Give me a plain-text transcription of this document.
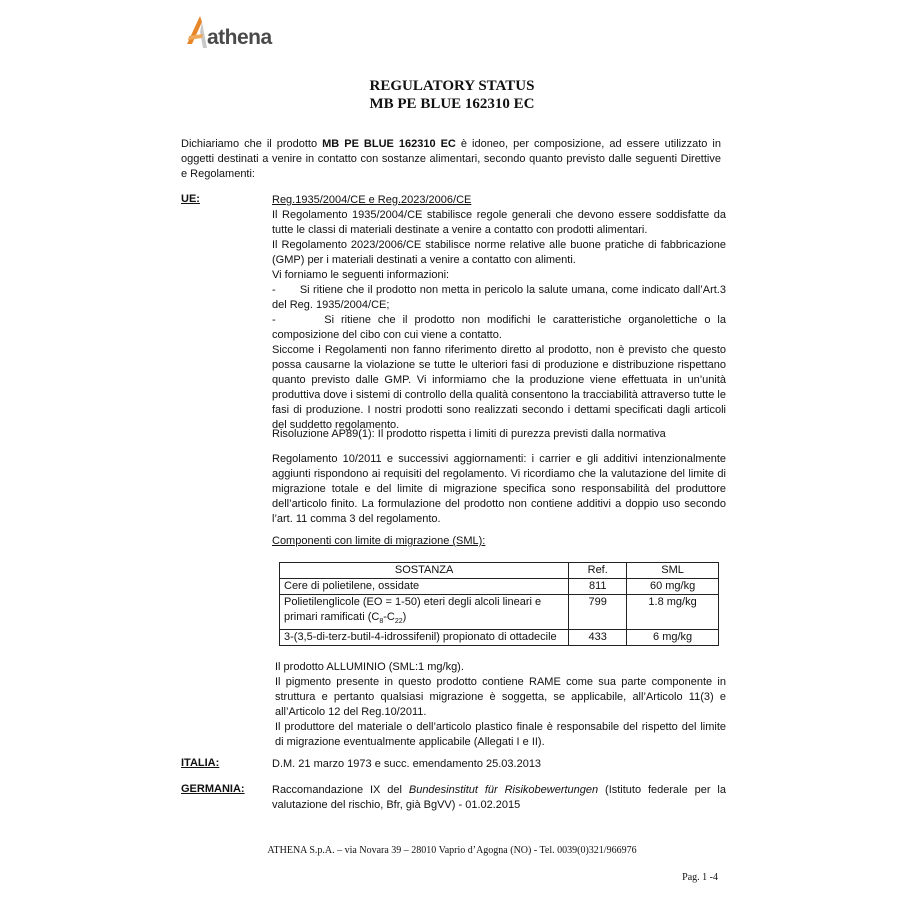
athena
REGULATORY STATUS
MB PE BLUE 162310 EC

Dichiariamo che il prodotto MB PE BLUE 162310 EC è idoneo, per composizione, ad essere utilizzato in oggetti destinati a venire in contatto con sostanze alimentari, secondo quanto previsto dalle seguenti Direttive e Regolamenti:

UE:	Reg.1935/2004/CE e Reg.2023/2006/CE
Il Regolamento 1935/2004/CE stabilisce regole generali che devono essere soddisfatte da tutte le classi di materiali destinate a venire a contatto con prodotti alimentari.
Il Regolamento 2023/2006/CE stabilisce norme relative alle buone pratiche di fabbricazione (GMP) per i materiali destinati a venire a contatto con alimenti.
Vi forniamo le seguenti informazioni:
- Si ritiene che il prodotto non metta in pericolo la salute umana, come indicato dall’Art.3 del Reg. 1935/2004/CE;
-	Si ritiene che il prodotto non modifichi le caratteristiche organolettiche o la composizione del cibo con cui viene a contatto.
Siccome i Regolamenti non fanno riferimento diretto al prodotto, non è previsto che questo possa causarne la violazione se tutte le ulteriori fasi di produzione e distribuzione rispettano quanto previsto dalle GMP. Vi informiamo che la produzione viene effettuata in un’unità produttiva dove i sistemi di controllo della qualità consentono la tracciabilità attraverso tutte le fasi di produzione. I nostri prodotti sono realizzati secondo i dettami specificati dagli articoli del suddetto regolamento.

Risoluzione AP89(1): Il prodotto rispetta i limiti di purezza previsti dalla normativa

Regolamento 10/2011 e successivi aggiornamenti: i carrier e gli additivi intenzionalmente aggiunti rispondono ai requisiti del regolamento. Vi ricordiamo che la valutazione del limite di migrazione totale e del limite di migrazione specifica sono responsabilità del produttore dell’articolo finito. La formulazione del prodotto non contiene additivi a doppio uso secondo l’art. 11 comma 3 del regolamento.

Componenti con limite di migrazione (SML):

SOSTANZA	Ref.	SML
Cere di polietilene, ossidate	811	60 mg/kg
Polietilenglicole (EO = 1-50) eteri degli alcoli lineari e primari ramificati $(C_8-C_{22})$	799	1.8 mg/kg
3-(3,5-di-terz-butil-4-idrossifenil) propionato di ottadecile	433	6 mg/kg
Il prodotto ALLUMINIO (SML:1 mg/kg).
Il pigmento presente in questo prodotto contiene RAME come sua parte componente in struttura e pertanto qualsiasi migrazione è soggetta, se applicabile, all’Articolo 11(3) e all’Articolo 12 del Reg.10/2011.
Il produttore del materiale o dell’articolo plastico finale è responsabile del rispetto del limite di migrazione eventualmente applicabile (Allegati I e II).
ITALIA:	D.M. 21 marzo 1973 e succ. emendamento 25.03.2013

GERMANIA: Raccomandazione IX del Bundesinstitut für Risikobewertungen (Istituto federale per la valutazione del rischio, Bfr, già BgVV) - 01.02.2015

ATHENA S.p.A. – via Novara 39 – 28010 Vaprio d’Agogna (NO) - Tel. 0039(0)321/966976
Pag. 1 -4
